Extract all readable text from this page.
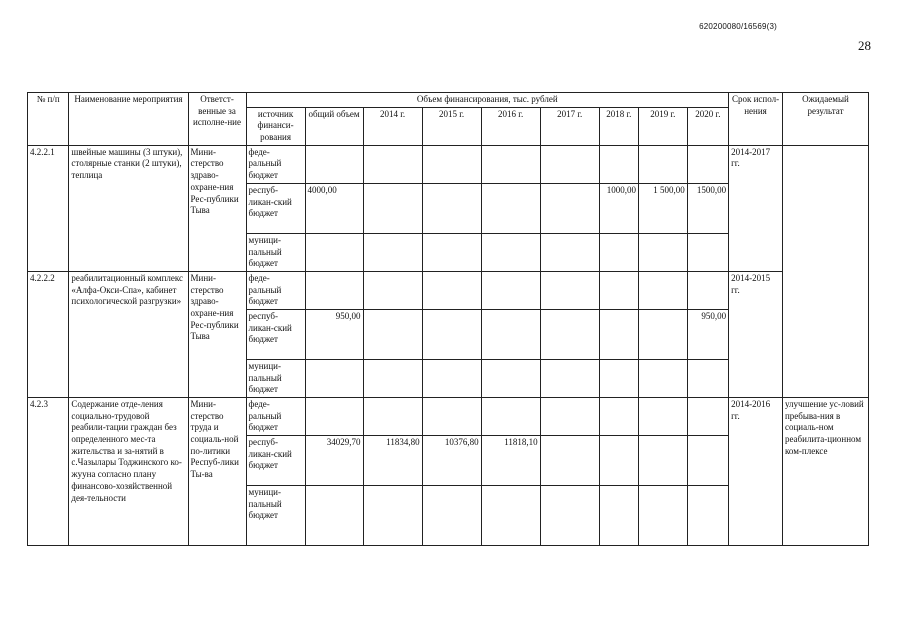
620200080/16569(3)
28
№ п/п	Наименование мероприятия	Ответст-венные за исполне-ние	Объем финансирования, тыс. рублей									Срок испол-нения	Ожидаемый результат
			источник финанси-рования	общий объем	2014 г.	2015 г.	2016 г.	2017 г.	2018 г.	2019 г.	2020 г.		
4.2.2.1	швейные машины (3 штуки), столярные станки (2 штуки), теплица	Мини-стерство здраво-охране-ния Рес-публики Тыва	феде-ральный бюджет									2014-2017 гг.	
			респуб-ликан-ский бюджет	4000,00					1000,00	1 500,00	1500,00		
			муници-пальный бюджет										
4.2.2.2	реабилитационный комплекс «Алфа-Окси-Спа», кабинет психологической разгрузки»	Мини-стерство здраво-охране-ния Рес-публики Тыва	феде-ральный бюджет									2014-2015 гг.	
			респуб-ликан-ский бюджет	950,00							950,00		
			муници-пальный бюджет										
4.2.3	Содержание отде-ления социально-трудовой реабили-тации граждан без определенного мес-та жительства и за-нятий в с.Чазылары Тоджинского ко-жууна согласно плану финансово-хозяйственной дея-тельности	Мини-стерство труда и социаль-ной по-литики Респуб-лики Ты-ва	феде-ральный бюджет									2014-2016 гг.	улучшение ус-ловий пребыва-ния в социаль-ном реабилита-ционном ком-плексе
			респуб-ликан-ский бюджет	34029,70	11834,80	10376,80	11818,10						
			муници-пальный бюджет										
